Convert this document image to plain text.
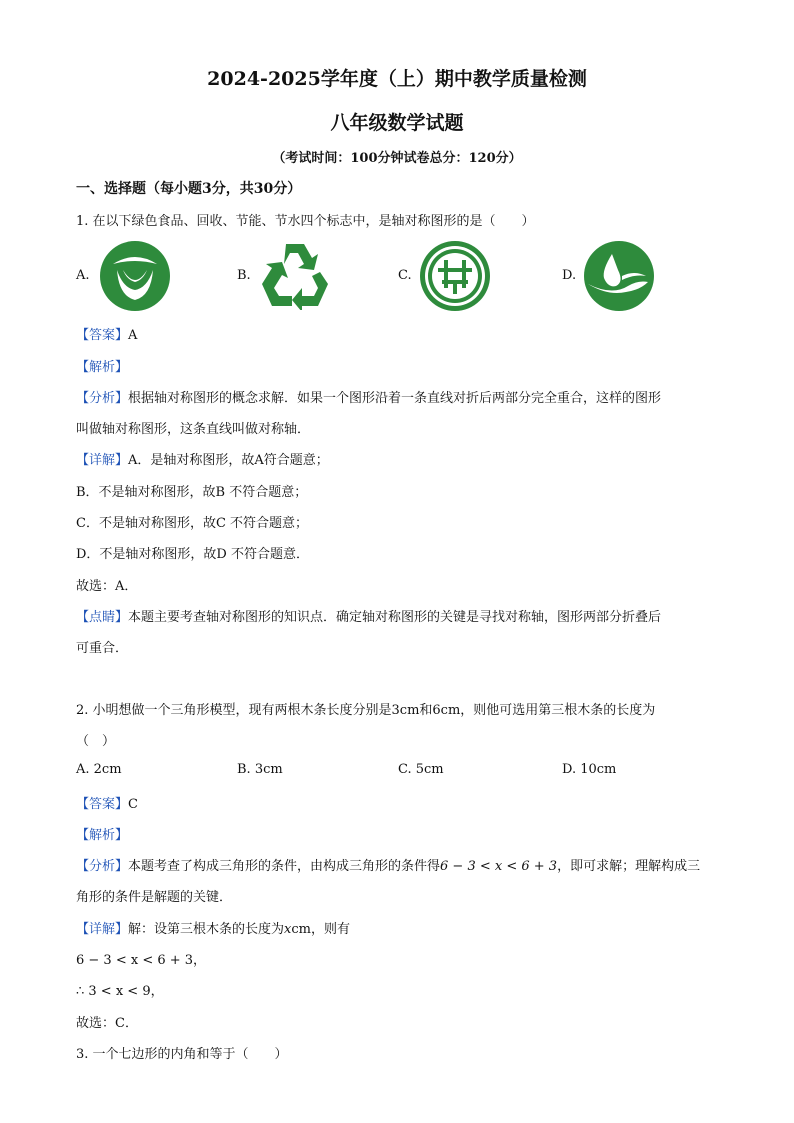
2024-2025学年度（上）期中教学质量检测
八年级数学试题
（考试时间：100分钟试卷总分：120分）
一、选择题（每小题3分，共30分）
1. 在以下绿色食品、回收、节能、节水四个标志中，是轴对称图形的是（　　）
A.	B.	C.	D.
【答案】A
【解析】
【分析】根据轴对称图形的概念求解．如果一个图形沿着一条直线对折后两部分完全重合，这样的图形
叫做轴对称图形，这条直线叫做对称轴．
【详解】A．是轴对称图形，故A符合题意；
B．不是轴对称图形，故B 不符合题意；
C．不是轴对称图形，故C 不符合题意；
D．不是轴对称图形，故D 不符合题意．
故选：A．
【点睛】本题主要考查轴对称图形的知识点．确定轴对称图形的关键是寻找对称轴，图形两部分折叠后
可重合．
2. 小明想做一个三角形模型，现有两根木条长度分别是3cm和6cm，则他可选用第三根木条的长度为
（　）
A. 2cm	B. 3cm	C. 5cm	D. 10cm
【答案】C
【解析】
【分析】本题考查了构成三角形的条件，由构成三角形的条件得6 − 3 < x < 6 + 3，即可求解；理解构成三
角形的条件是解题的关键．
【详解】解：设第三根木条的长度为xcm，则有
6 − 3 < x < 6 + 3，
∴ 3 < x < 9，
故选：C．
3. 一个七边形的内角和等于（　　）
